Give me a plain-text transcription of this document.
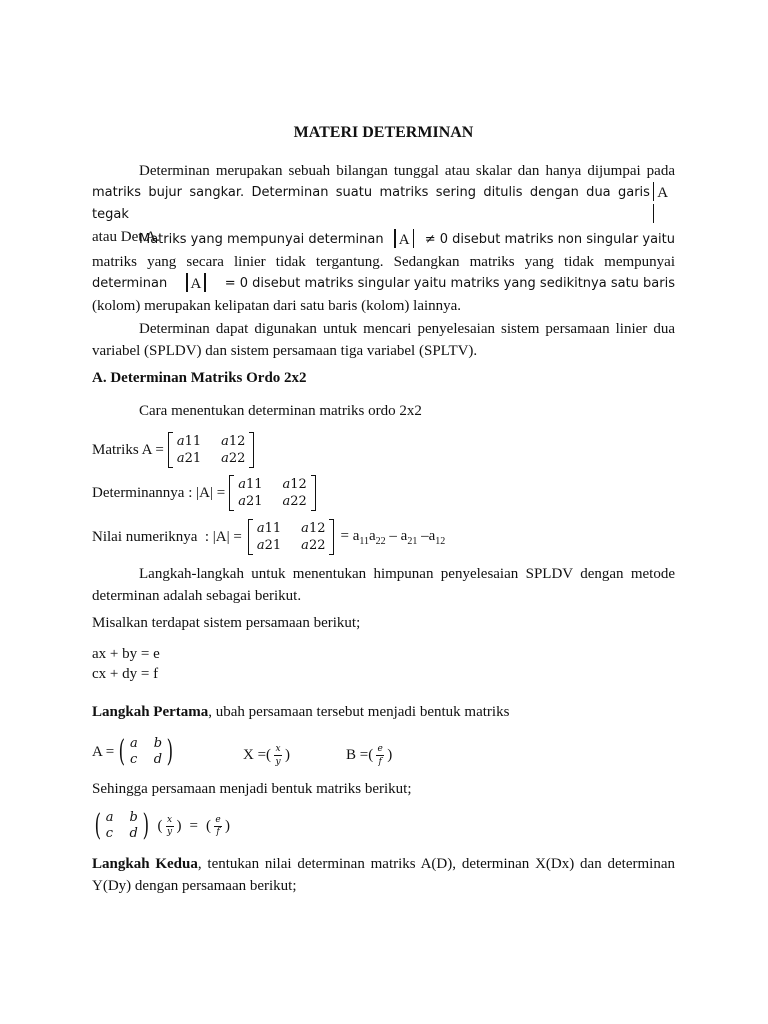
MATERI DETERMINAN
Determinan merupakan sebuah bilangan tunggal atau skalar dan hanya dijumpai pada
matriks bujur sangkar. Determinan suatu matriks sering ditulis dengan dua garis tegak
A
atau Det A.
Matriks yang mempunyai determinan	A	≠ 0 disebut matriks non singular yaitu
matriks yang secara linier tidak tergantung. Sedangkan matriks yang tidak mempunyai
determinan	A	= 0 disebut matriks singular yaitu matriks yang sedikitnya satu baris
(kolom) merupakan kelipatan dari satu baris (kolom) lainnya.
Determinan dapat digunakan untuk mencari penyelesaian sistem persamaan linier dua
variabel (SPLDV) dan sistem persamaan tiga variabel (SPLTV).
A. Determinan Matriks Ordo 2x2
Cara menentukan determinan matriks ordo 2x2
Matriks A = a11 a12
a21 a22
Determinannya : |A| = a11 a12
a21 a22
Nilai numeriknya  : |A| = a11 a12
a21 a22
= $a_{11}a_{22} - a_{21}$ $-a_{12}$
Langkah-langkah untuk menentukan himpunan penyelesaian SPLDV dengan metode
determinan adalah sebagai berikut.
Misalkan terdapat sistem persamaan berikut;
ax + by = e
cx + dy = f
Langkah Pertama, ubah persamaan tersebut menjadi bentuk matriks
A = ( a b
c d )	X =( $\frac{x}{y}$ )	B =( $\frac{e}{f}$ )
Sehingga persamaan menjadi bentuk matriks berikut;
( a b
c d ) ( $\frac{x}{y}$ ) = ( $\frac{e}{f}$ )
Langkah Kedua, tentukan nilai determinan matriks A(D), determinan X(Dx) dan determinan
Y(Dy) dengan persamaan berikut;
